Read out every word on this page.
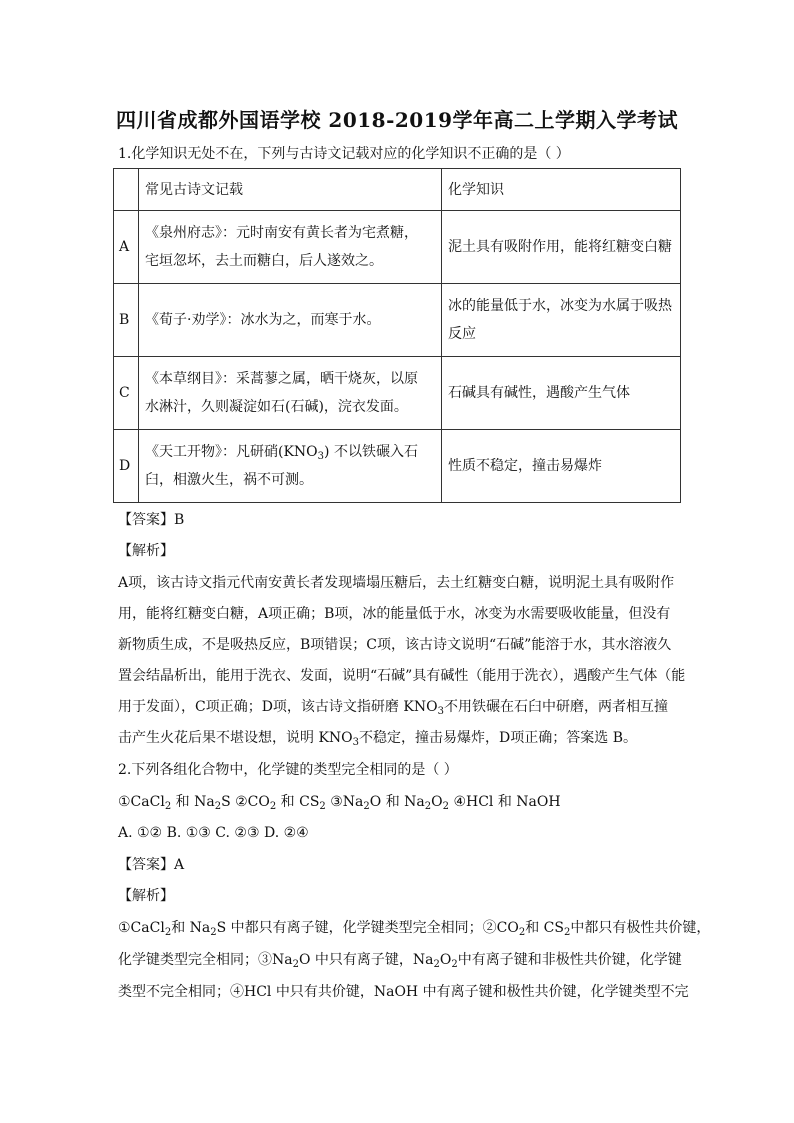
四川省成都外国语学校 2018-2019学年高二上学期入学考试
1.化学知识无处不在，下列与古诗文记载对应的化学知识不正确的是（ ）
	常见古诗文记载	化学知识
A	《泉州府志》：元时南安有黄长者为宅煮糖，
宅垣忽坏，去土而糖白，后人遂效之。	泥土具有吸附作用，能将红糖变白糖

B	《荀子·劝学》：冰水为之，而寒于水。	冰的能量低于水，冰变为水属于吸热
反应

C	《本草纲目》：采蒿蓼之属，晒干烧灰，以原
水淋汁，久则凝淀如石(石碱)，浣衣发面。	石碱具有碱性，遇酸产生气体

D	《天工开物》：凡研硝$(KNO_3)$ 不以铁碾入石
臼，相激火生，祸不可测。	性质不稳定，撞击易爆炸
【答案】B
【解析】
A项，该古诗文指元代南安黄长者发现墙塌压糖后，去土红糖变白糖，说明泥土具有吸附作
用，能将红糖变白糖，A项正确；B项，冰的能量低于水，冰变为水需要吸收能量，但没有
新物质生成，不是吸热反应，B项错误；C项，该古诗文说明“石碱”能溶于水，其水溶液久
置会结晶析出，能用于洗衣、发面，说明“石碱”具有碱性（能用于洗衣），遇酸产生气体（能
用于发面），C项正确；D项，该古诗文指研磨 $KNO_3$不用铁碾在石臼中研磨，两者相互撞
击产生火花后果不堪设想，说明 $KNO_3$不稳定，撞击易爆炸，D项正确；答案选 B。
2.下列各组化合物中，化学键的类型完全相同的是（ ）
①CaCl$_2$ 和 $Na_2S$ $②CO_2$ 和 $CS_2$ $③Na_2O$ 和 $Na_2O_2$ ④HCl 和 NaOH
A. ①② B. ①③ C. ②③ D. ②④
【答案】A
【解析】
①CaCl$_2$和 $Na_2S$ 中都只有离子键，化学键类型完全相同；$②CO_2$和 $CS_2$中都只有极性共价键，
化学键类型完全相同；$③Na_2O$ 中只有离子键，$Na_2O_2$中有离子键和非极性共价键，化学键
类型不完全相同；④HCl 中只有共价键，NaOH 中有离子键和极性共价键，化学键类型不完
